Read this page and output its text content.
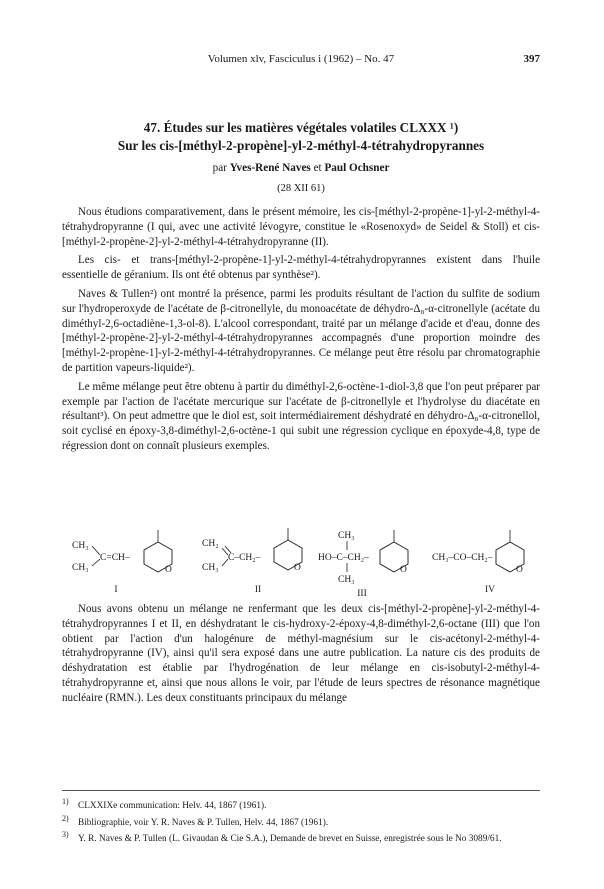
Volumen xlv, Fasciculus i (1962) – No. 47	397
47. Études sur les matières végétales volatiles CLXXX ¹)
Sur les cis-[méthyl-2-propène]-yl-2-méthyl-4-tétrahydropyrannes
par Yves-René Naves et Paul Ochsner
(28 XII 61)

Nous étudions comparativement, dans le présent mémoire, les cis-[méthyl-2-propène-1]-yl-2-méthyl-4-tétrahydropyranne (I qui, avec une activité lévogyre, constitue le «Rosenoxyd» de Seidel & Stoll) et cis-[méthyl-2-propène-2]-yl-2-méthyl-4-tétrahydropyranne (II).

Les cis- et trans-[méthyl-2-propène-1]-yl-2-méthyl-4-tétrahydropyrannes existent dans l'huile essentielle de géranium. Ils ont été obtenus par synthèse²).

Naves & Tullen²) ont montré la présence, parmi les produits résultant de l'action du sulfite de sodium sur l'hydroperoxyde de l'acétate de β-citronellyle, du monoacétate de déhydro-Δ₈-α-citronellyle (acétate du diméthyl-2,6-octadiène-1,3-ol-8). L'alcool correspondant, traité par un mélange d'acide et d'eau, donne des [méthyl-2-propène-2]-yl-2-méthyl-4-tétrahydropyrannes accompagnés d'une proportion moindre des [méthyl-2-propène-1]-yl-2-méthyl-4-tétrahydropyrannes. Ce mélange peut être résolu par chromatographie de partition vapeurs-liquide²).

Le même mélange peut être obtenu à partir du diméthyl-2,6-octène-1-diol-3,8 que l'on peut préparer par exemple par l'action de l'acétate mercurique sur l'acétate de β-citronellyle et l'hydrolyse du diacétate en résultant³). On peut admettre que le diol est, soit intermédiairement déshydraté en déhydro-Δ₈-α-citronellol, soit cyclisé en époxy-3,8-diméthyl-2,6-octène-1 qui subit une régression cyclique en époxyde-4,8, type de régression dont on connaît plusieurs exemples.

CH₃
CH₃
C=CH–
O
I
CH₂
CH₃
C–CH₂–
O
II
CH₃
HO–C–CH₂–
CH₃
O
III
CH₃–CO–CH₂–
O
IV

Nous avons obtenu un mélange ne renfermant que les deux cis-[méthyl-2-propène]-yl-2-méthyl-4-tétrahydropyrannes I et II, en déshydratant le cis-hydroxy-2-époxy-4,8-diméthyl-2,6-octane (III) que l'on obtient par l'action d'un halogénure de méthyl-magnésium sur le cis-acétonyl-2-méthyl-4-tétrahydropyranne (IV), ainsi qu'il sera exposé dans une autre publication. La nature cis des produits de déshydratation est établie par l'hydrogénation de leur mélange en cis-isobutyl-2-méthyl-4-tétrahydropyranne et, ainsi que nous allons le voir, par l'étude de leurs spectres de résonance magnétique nucléaire (RMN.). Les deux constituants principaux du mélange

1) CLXXIXe communication: Helv. 44, 1867 (1961).
2) Bibliographie, voir Y. R. Naves & P. Tullen, Helv. 44, 1867 (1961).
3) Y. R. Naves & P. Tullen (L. Givaudan & Cie S.A.), Demande de brevet en Suisse, enregistrée sous le No 3089/61.
